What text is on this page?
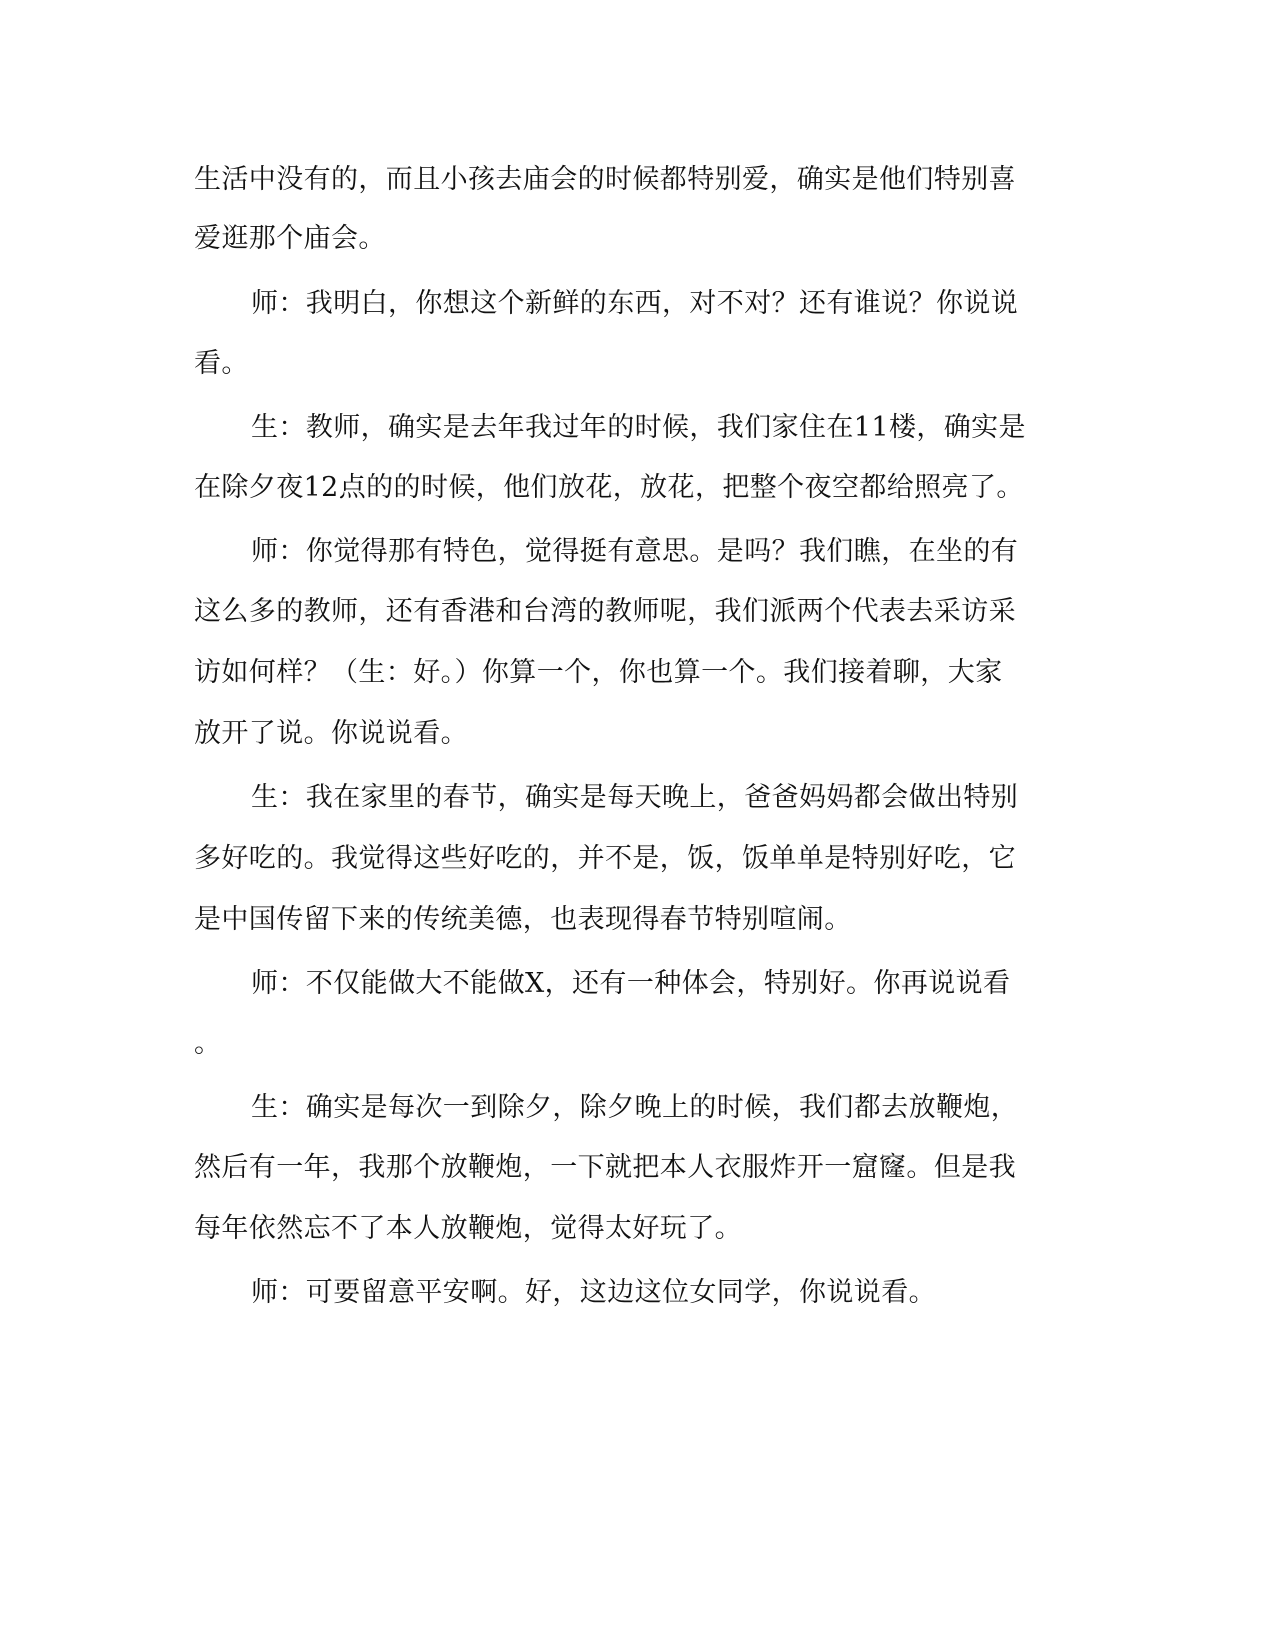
生活中没有的，而且小孩去庙会的时候都特别爱，确实是他们特别喜

爱逛那个庙会。

师：我明白，你想这个新鲜的东西，对不对？还有谁说？你说说

看。

生：教师，确实是去年我过年的时候，我们家住在11楼，确实是

在除夕夜12点的的时候，他们放花，放花，把整个夜空都给照亮了。

师：你觉得那有特色，觉得挺有意思。是吗？我们瞧，在坐的有

这么多的教师，还有香港和台湾的教师呢，我们派两个代表去采访采

访如何样？（生：好。）你算一个，你也算一个。我们接着聊，大家

放开了说。你说说看。

生：我在家里的春节，确实是每天晚上，爸爸妈妈都会做出特别

多好吃的。我觉得这些好吃的，并不是，饭，饭单单是特别好吃，它

是中国传留下来的传统美德，也表现得春节特别喧闹。

师：不仅能做大不能做X，还有一种体会，特别好。你再说说看

。

生：确实是每次一到除夕，除夕晚上的时候，我们都去放鞭炮，

然后有一年，我那个放鞭炮，一下就把本人衣服炸开一窟窿。但是我

每年依然忘不了本人放鞭炮，觉得太好玩了。

师：可要留意平安啊。好，这边这位女同学，你说说看。
